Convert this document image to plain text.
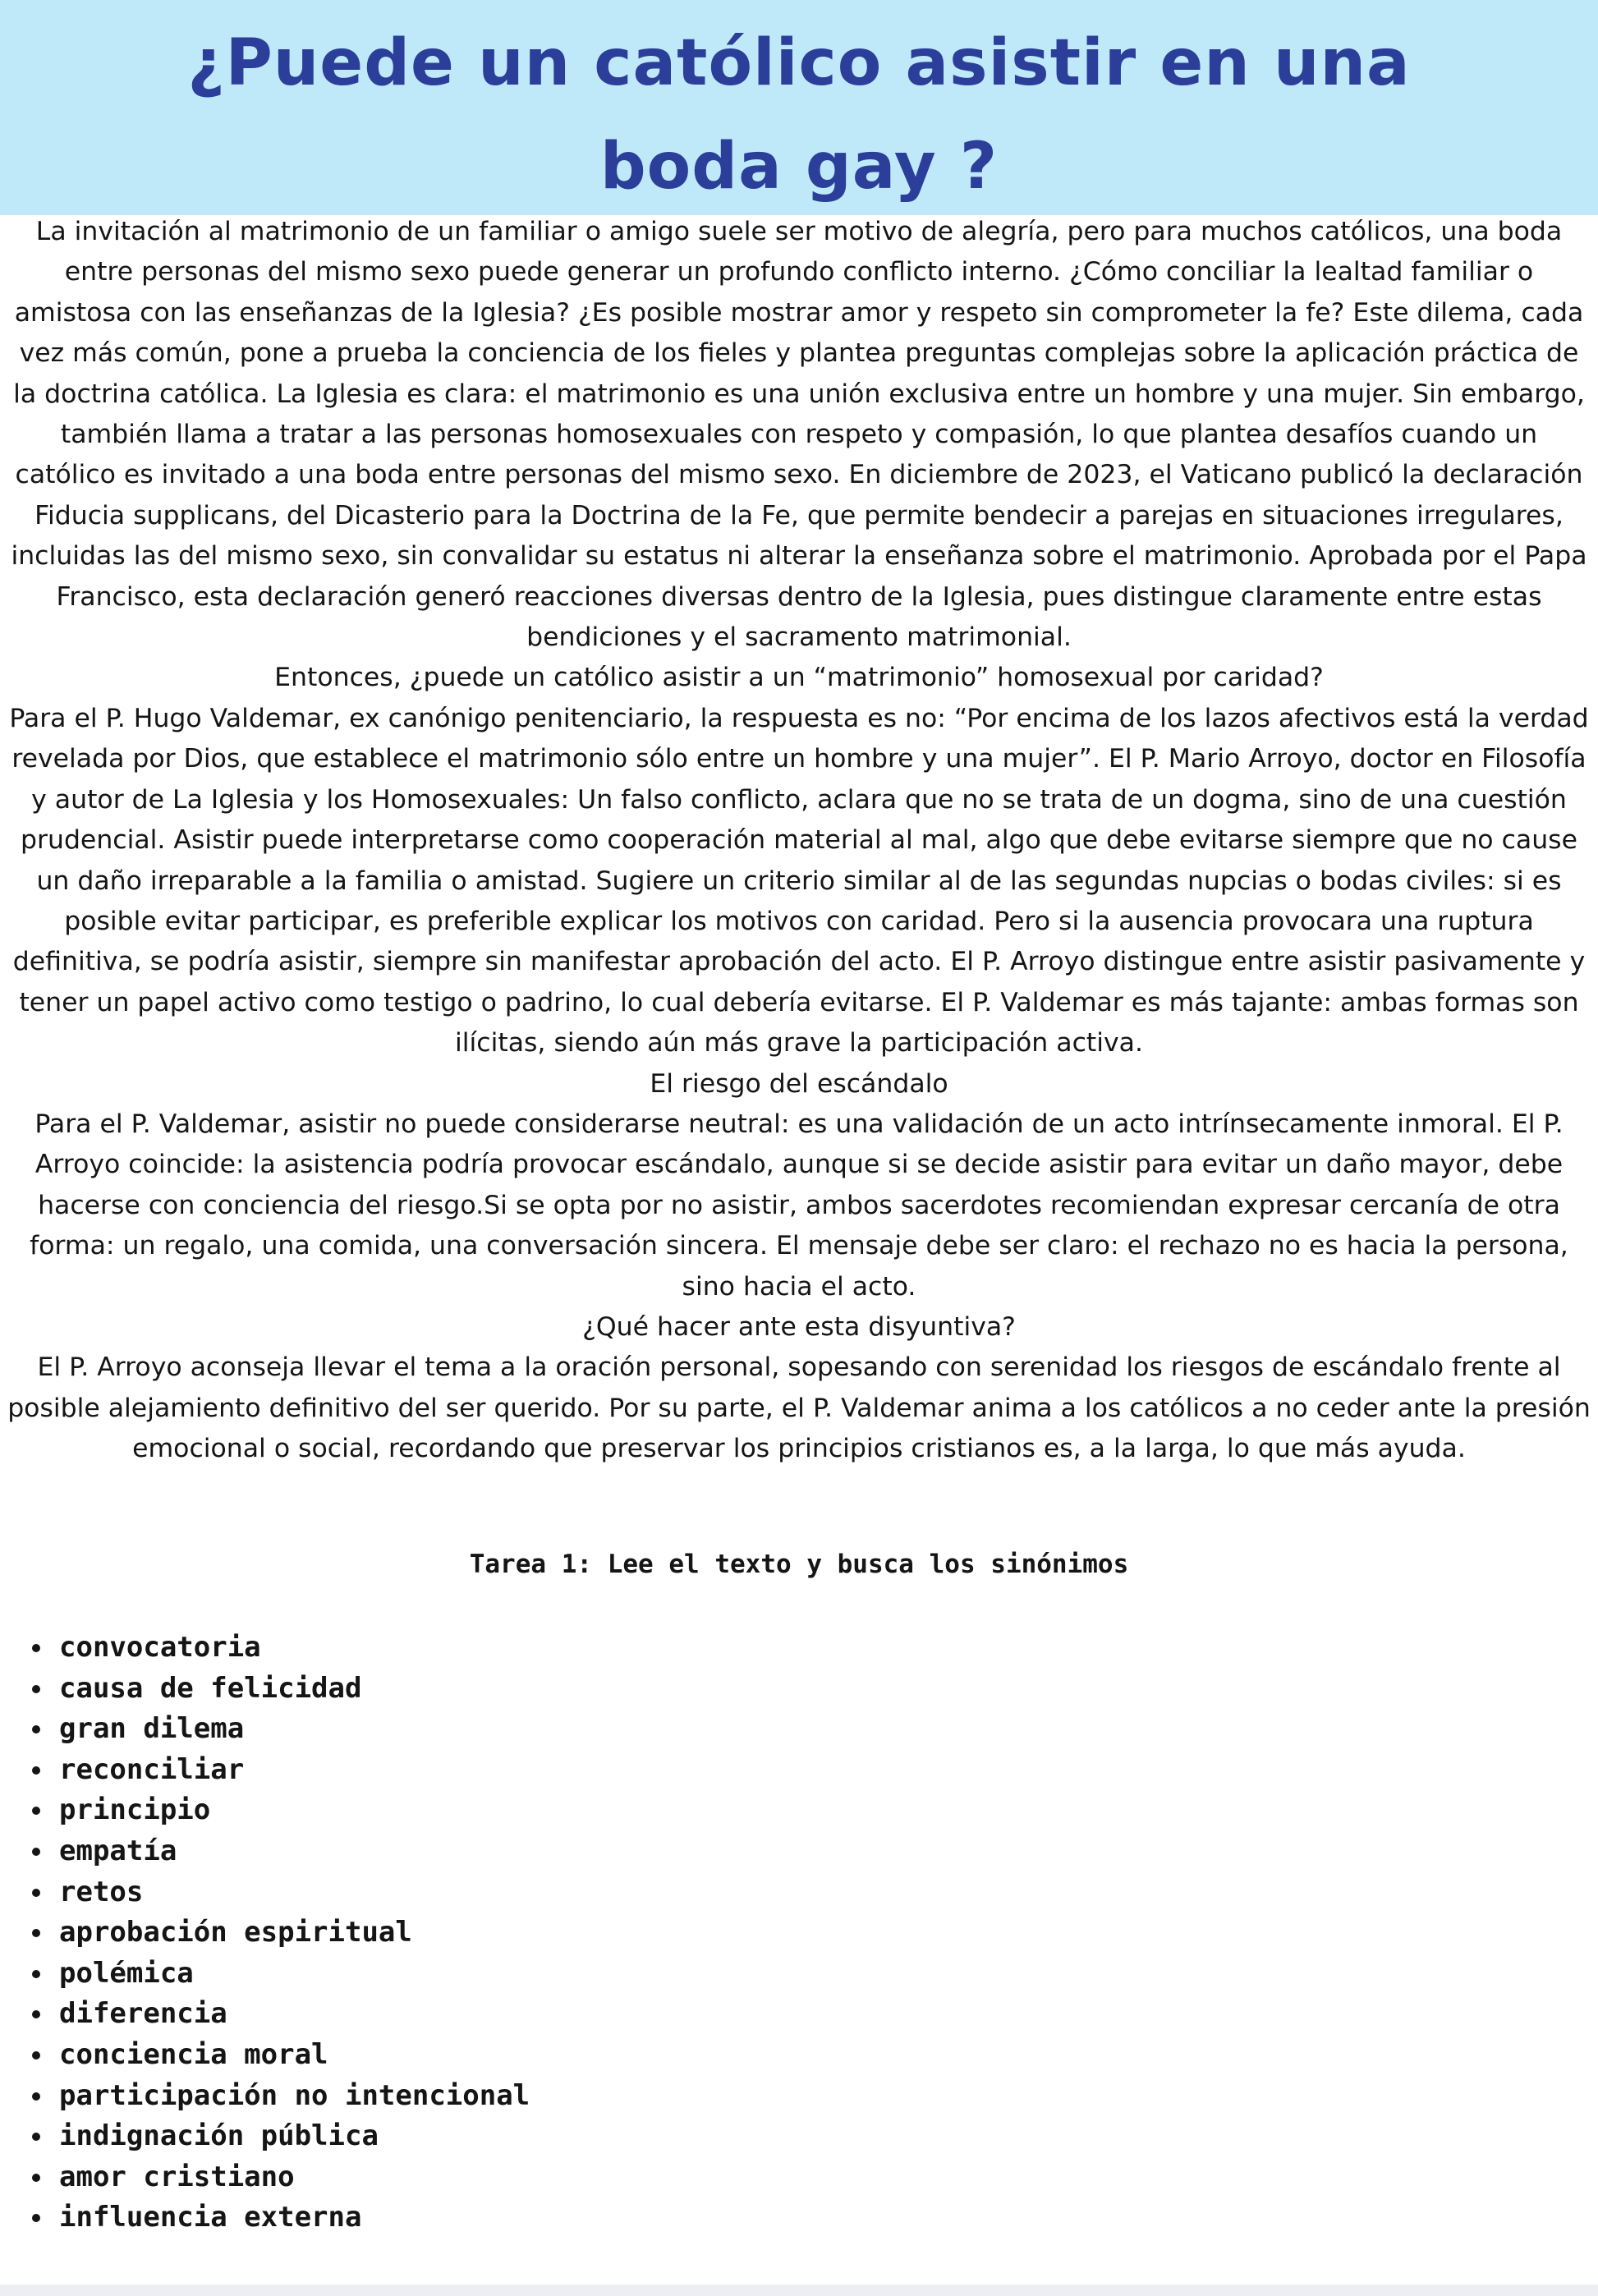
¿Puede un católico asistir en una
boda gay ?

La invitación al matrimonio de un familiar o amigo suele ser motivo de alegría, pero para muchos católicos, una boda entre personas del mismo sexo puede generar un profundo conflicto interno. ¿Cómo conciliar la lealtad familiar o amistosa con las enseñanzas de la Iglesia? ¿Es posible mostrar amor y respeto sin comprometer la fe? Este dilema, cada vez más común, pone a prueba la conciencia de los fieles y plantea preguntas complejas sobre la aplicación práctica de la doctrina católica. La Iglesia es clara: el matrimonio es una unión exclusiva entre un hombre y una mujer. Sin embargo, también llama a tratar a las personas homosexuales con respeto y compasión, lo que plantea desafíos cuando un católico es invitado a una boda entre personas del mismo sexo. En diciembre de 2023, el Vaticano publicó la declaración Fiducia supplicans, del Dicasterio para la Doctrina de la Fe, que permite bendecir a parejas en situaciones irregulares, incluidas las del mismo sexo, sin convalidar su estatus ni alterar la enseñanza sobre el matrimonio. Aprobada por el Papa Francisco, esta declaración generó reacciones diversas dentro de la Iglesia, pues distingue claramente entre estas bendiciones y el sacramento matrimonial.

Entonces, ¿puede un católico asistir a un “matrimonio” homosexual por caridad?

Para el P. Hugo Valdemar, ex canónigo penitenciario, la respuesta es no: “Por encima de los lazos afectivos está la verdad revelada por Dios, que establece el matrimonio sólo entre un hombre y una mujer”. El P. Mario Arroyo, doctor en Filosofía y autor de La Iglesia y los Homosexuales: Un falso conflicto, aclara que no se trata de un dogma, sino de una cuestión prudencial. Asistir puede interpretarse como cooperación material al mal, algo que debe evitarse siempre que no cause un daño irreparable a la familia o amistad. Sugiere un criterio similar al de las segundas nupcias o bodas civiles: si es posible evitar participar, es preferible explicar los motivos con caridad. Pero si la ausencia provocara una ruptura definitiva, se podría asistir, siempre sin manifestar aprobación del acto. El P. Arroyo distingue entre asistir pasivamente y tener un papel activo como testigo o padrino, lo cual debería evitarse. El P. Valdemar es más tajante: ambas formas son ilícitas, siendo aún más grave la participación activa.

El riesgo del escándalo

Para el P. Valdemar, asistir no puede considerarse neutral: es una validación de un acto intrínsecamente inmoral. El P. Arroyo coincide: la asistencia podría provocar escándalo, aunque si se decide asistir para evitar un daño mayor, debe hacerse con conciencia del riesgo.Si se opta por no asistir, ambos sacerdotes recomiendan expresar cercanía de otra forma: un regalo, una comida, una conversación sincera. El mensaje debe ser claro: el rechazo no es hacia la persona, sino hacia el acto.

¿Qué hacer ante esta disyuntiva?

El P. Arroyo aconseja llevar el tema a la oración personal, sopesando con serenidad los riesgos de escándalo frente al posible alejamiento definitivo del ser querido. Por su parte, el P. Valdemar anima a los católicos a no ceder ante la presión emocional o social, recordando que preservar los principios cristianos es, a la larga, lo que más ayuda.

Tarea 1: Lee el texto y busca los sinónimos

convocatoria
causa de felicidad
gran dilema
reconciliar
principio
empatía
retos
aprobación espiritual
polémica
diferencia
conciencia moral
participación no intencional
indignación pública
amor cristiano
influencia externa
